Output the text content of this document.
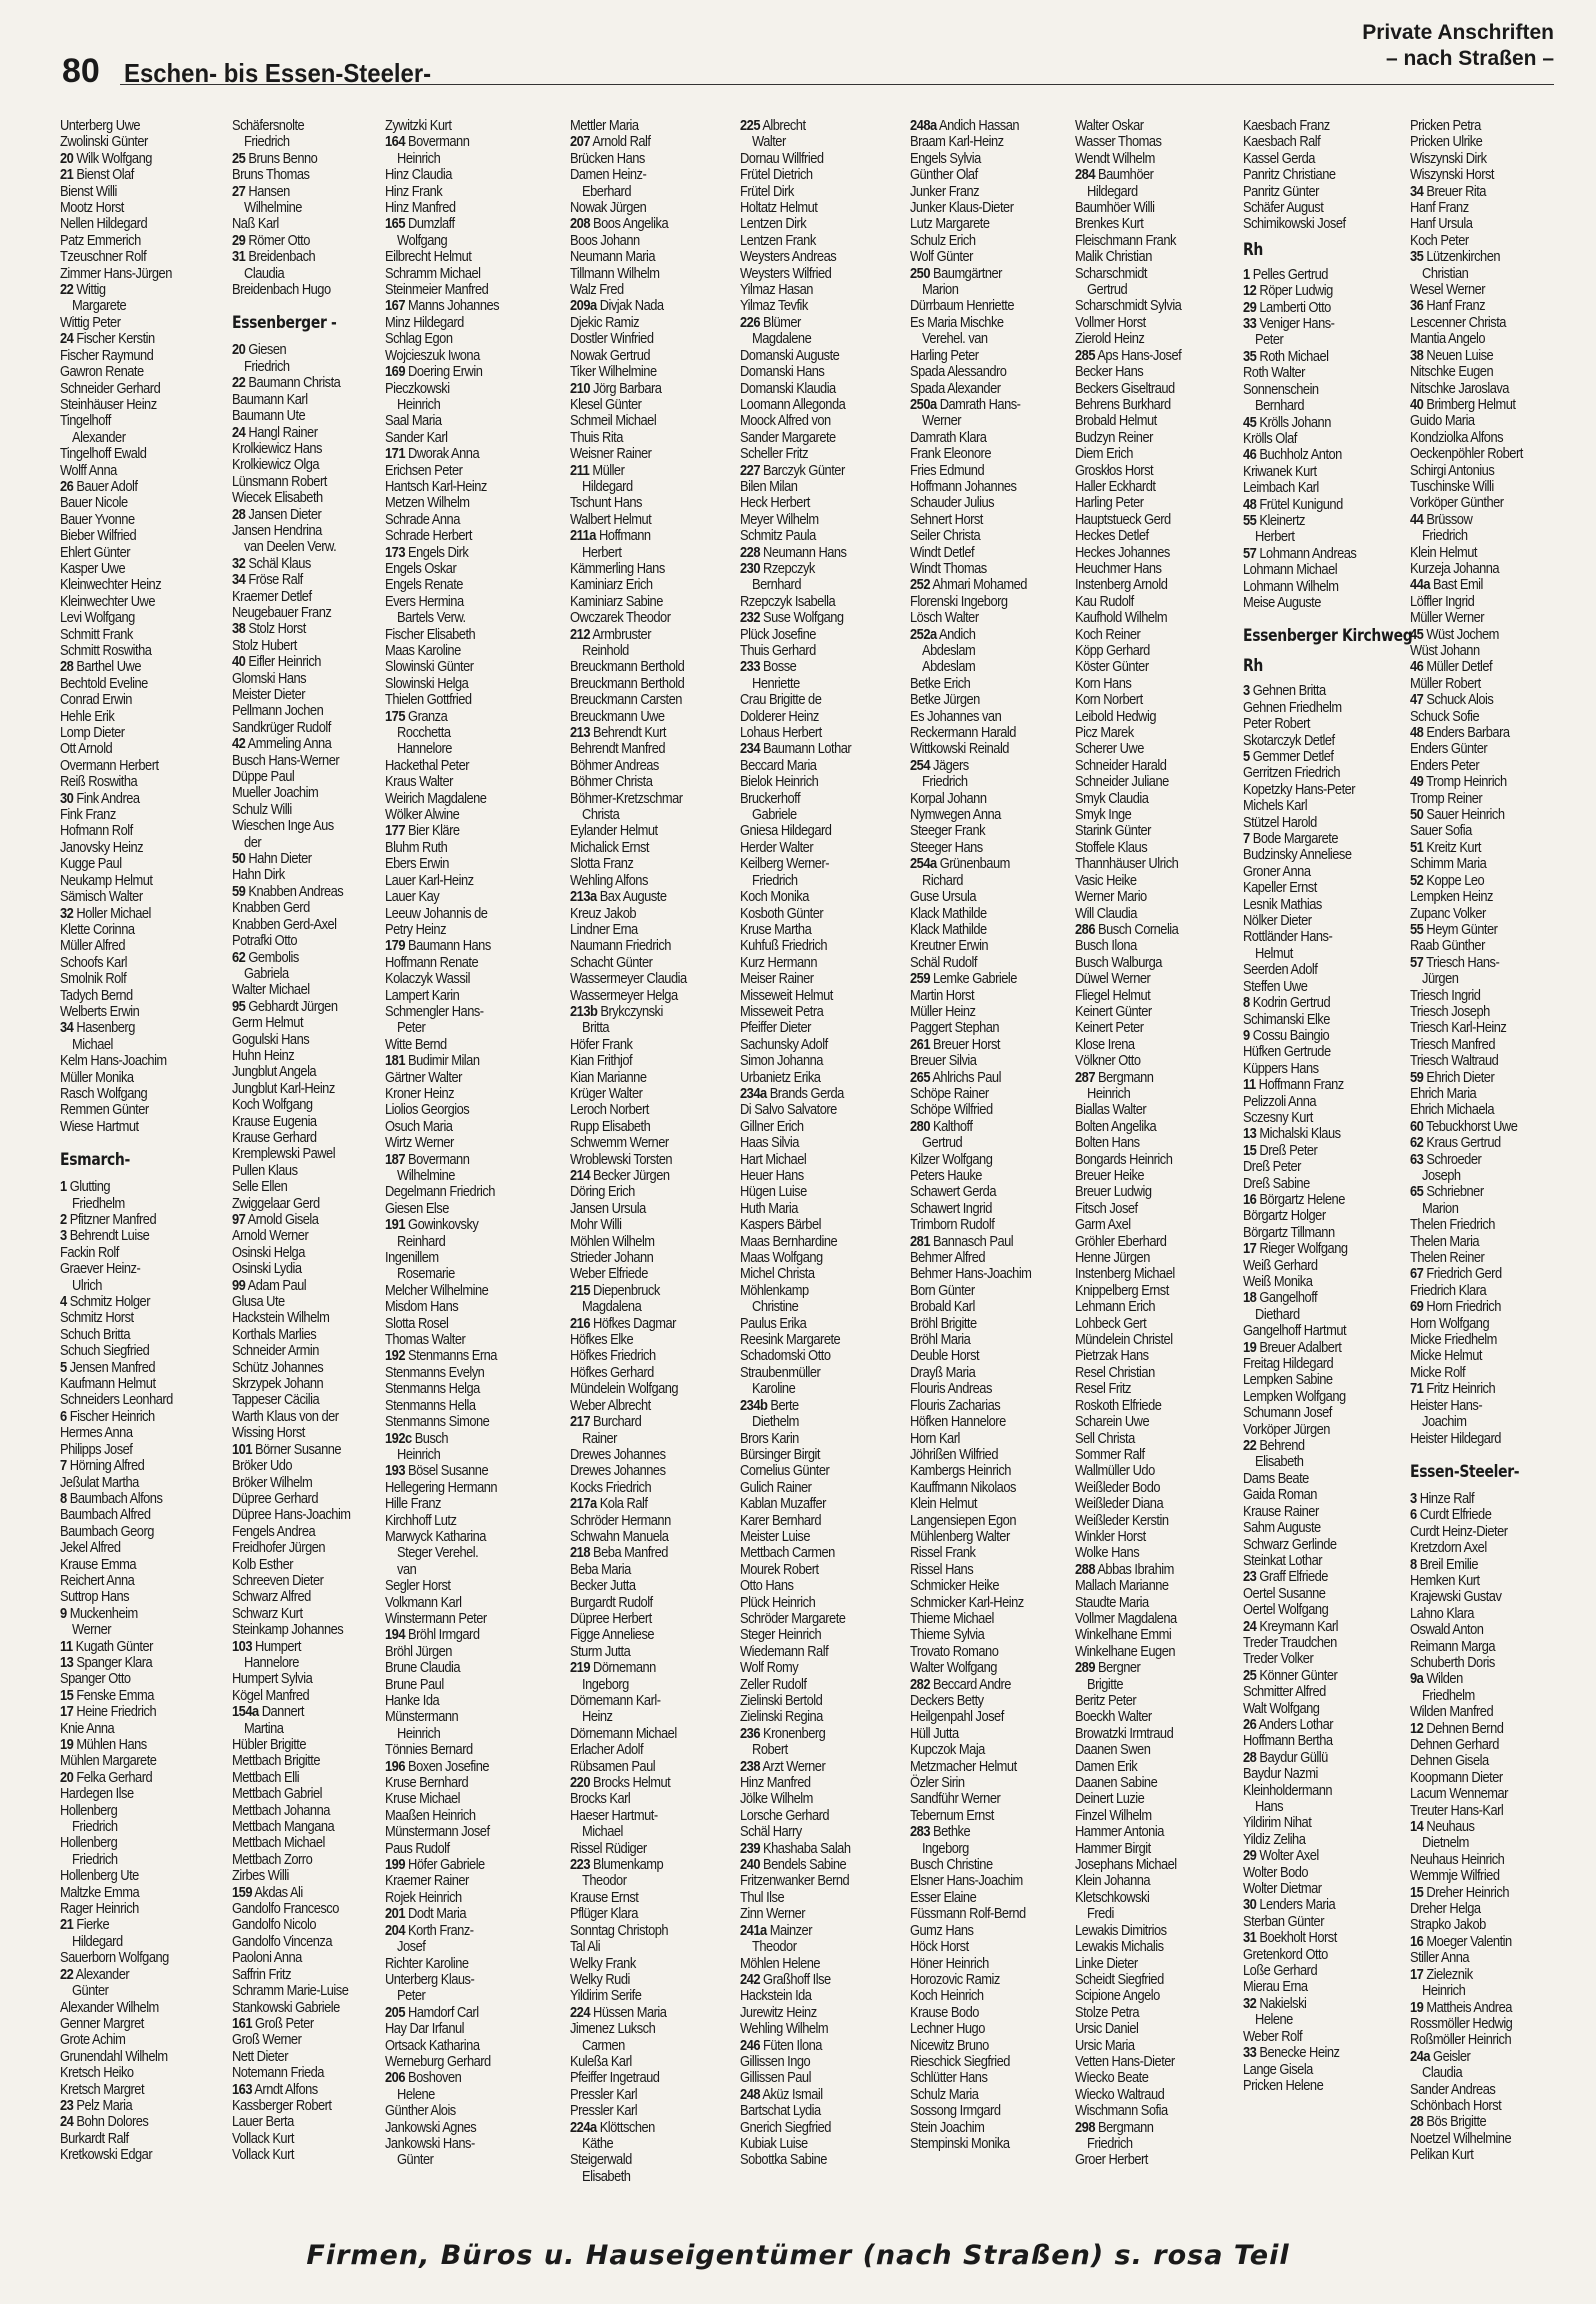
80 Eschen- bis Essen-Steeler-
Private Anschriften
– nach Straßen –
Unterberg Uwe
Zwolinski Günter
20 Wilk Wolfgang
21 Bienst Olaf
Bienst Willi
Mootz Horst
Nellen Hildegard
Patz Emmerich
Tzeuschner Rolf
Zimmer Hans-Jürgen
22 Wittig
Margarete
Wittig Peter
24 Fischer Kerstin
Fischer Raymund
Gawron Renate
Schneider Gerhard
Steinhäuser Heinz
Tingelhoff
Alexander
Tingelhoff Ewald
Wolff Anna
26 Bauer Adolf
Bauer Nicole
Bauer Yvonne
Bieber Wilfried
Ehlert Günter
Kasper Uwe
Kleinwechter Heinz
Kleinwechter Uwe
Levi Wolfgang
Schmitt Frank
Schmitt Roswitha
28 Barthel Uwe
Bechtold Eveline
Conrad Erwin
Hehle Erik
Lomp Dieter
Ott Arnold
Overmann Herbert
Reiß Roswitha
30 Fink Andrea
Fink Franz
Hofmann Rolf
Janovsky Heinz
Kugge Paul
Neukamp Helmut
Sämisch Walter
32 Holler Michael
Klette Corinna
Müller Alfred
Schoofs Karl
Smolnik Rolf
Tadych Bernd
Welberts Erwin
34 Hasenberg
Michael
Kelm Hans-Joachim
Müller Monika
Rasch Wolfgang
Remmen Günter
Wiese Hartmut
Esmarch-
1 Glutting
Friedhelm
2 Pfitzner Manfred
3 Behrendt Luise
Fackin Rolf
Graever Heinz-
Ulrich
4 Schmitz Holger
Schmitz Horst
Schuch Britta
Schuch Siegfried
5 Jensen Manfred
Kaufmann Helmut
Schneiders Leonhard
6 Fischer Heinrich
Hermes Anna
Philipps Josef
7 Hörning Alfred
Jeßulat Martha
8 Baumbach Alfons
Baumbach Alfred
Baumbach Georg
Jekel Alfred
Krause Emma
Reichert Anna
Suttrop Hans
9 Muckenheim
Werner
11 Kugath Günter
13 Spanger Klara
Spanger Otto
15 Fenske Emma
17 Heine Friedrich
Knie Anna
19 Mühlen Hans
Mühlen Margarete
20 Felka Gerhard
Hardegen Ilse
Hollenberg
Friedrich
Hollenberg
Friedrich
Hollenberg Ute
Maltzke Emma
Rager Heinrich
21 Fierke
Hildegard
Sauerborn Wolfgang
22 Alexander
Günter
Alexander Wilhelm
Genner Margret
Grote Achim
Grunendahl Wilhelm
Kretsch Heiko
Kretsch Margret
23 Pelz Maria
24 Bohn Dolores
Burkardt Ralf
Kretkowski Edgar
Schäfersnolte
Friedrich
25 Bruns Benno
Bruns Thomas
27 Hansen
Wilhelmine
Naß Karl
29 Römer Otto
31 Breidenbach
Claudia
Breidenbach Hugo
Essenberger -
20 Giesen
Friedrich
22 Baumann Christa
Baumann Karl
Baumann Ute
24 Hangl Rainer
Krolkiewicz Hans
Krolkiewicz Olga
Lünsmann Robert
Wiecek Elisabeth
28 Jansen Dieter
Jansen Hendrina
van Deelen Verw.
32 Schäl Klaus
34 Fröse Ralf
Kraemer Detlef
Neugebauer Franz
38 Stolz Horst
Stolz Hubert
40 Eifler Heinrich
Glomski Hans
Meister Dieter
Pellmann Jochen
Sandkrüger Rudolf
42 Ammeling Anna
Busch Hans-Werner
Düppe Paul
Mueller Joachim
Schulz Willi
Wieschen Inge Aus
der
50 Hahn Dieter
Hahn Dirk
59 Knabben Andreas
Knabben Gerd
Knabben Gerd-Axel
Potrafki Otto
62 Gembolis
Gabriela
Walter Michael
95 Gebhardt Jürgen
Germ Helmut
Gogulski Hans
Huhn Heinz
Jungblut Angela
Jungblut Karl-Heinz
Koch Wolfgang
Krause Eugenia
Krause Gerhard
Kremplewski Pawel
Pullen Klaus
Selle Ellen
Zwiggelaar Gerd
97 Arnold Gisela
Arnold Werner
Osinski Helga
Osinski Lydia
99 Adam Paul
Glusa Ute
Hackstein Wilhelm
Korthals Marlies
Schneider Armin
Schütz Johannes
Skrzypek Johann
Tappeser Cäcilia
Warth Klaus von der
Wissing Horst
101 Börner Susanne
Bröker Udo
Bröker Wilhelm
Düpree Gerhard
Düpree Hans-Joachim
Fengels Andrea
Freidhofer Jürgen
Kolb Esther
Schreeven Dieter
Schwarz Alfred
Schwarz Kurt
Steinkamp Johannes
103 Humpert
Hannelore
Humpert Sylvia
Kögel Manfred
154a Dannert
Martina
Hübler Brigitte
Mettbach Brigitte
Mettbach Elli
Mettbach Gabriel
Mettbach Johanna
Mettbach Mangana
Mettbach Michael
Mettbach Zorro
Zirbes Willi
159 Akdas Ali
Gandolfo Francesco
Gandolfo Nicolo
Gandolfo Vincenza
Paoloni Anna
Saffrin Fritz
Schramm Marie-Luise
Stankowski Gabriele
161 Groß Peter
Groß Werner
Nett Dieter
Notemann Frieda
163 Arndt Alfons
Kassberger Robert
Lauer Berta
Vollack Kurt
Vollack Kurt
Zywitzki Kurt
164 Bovermann
Heinrich
Hinz Claudia
Hinz Frank
Hinz Manfred
165 Dumzlaff
Wolfgang
Eilbrecht Helmut
Schramm Michael
Steinmeier Manfred
167 Manns Johannes
Minz Hildegard
Schlag Egon
Wojcieszuk Iwona
169 Doering Erwin
Pieczkowski
Heinrich
Saal Maria
Sander Karl
171 Dworak Anna
Erichsen Peter
Hantsch Karl-Heinz
Metzen Wilhelm
Schrade Anna
Schrade Herbert
173 Engels Dirk
Engels Oskar
Engels Renate
Evers Hermina
Bartels Verw.
Fischer Elisabeth
Maas Karoline
Slowinski Günter
Slowinski Helga
Thielen Gottfried
175 Granza
Rocchetta
Hannelore
Hackethal Peter
Kraus Walter
Weirich Magdalene
Wölker Alwine
177 Bier Kläre
Bluhm Ruth
Ebers Erwin
Lauer Karl-Heinz
Lauer Kay
Leeuw Johannis de
Petry Heinz
179 Baumann Hans
Hoffmann Renate
Kolaczyk Wassil
Lampert Karin
Schmengler Hans-
Peter
Witte Bernd
181 Budimir Milan
Gärtner Walter
Kroner Heinz
Liolios Georgios
Osuch Maria
Wirtz Werner
187 Bovermann
Wilhelmine
Degelmann Friedrich
Giesen Else
191 Gowinkovsky
Reinhard
Ingenillem
Rosemarie
Melcher Wilhelmine
Misdom Hans
Slotta Rosel
Thomas Walter
192 Stenmanns Erna
Stenmanns Evelyn
Stenmanns Helga
Stenmanns Hella
Stenmanns Simone
192c Busch
Heinrich
193 Bösel Susanne
Hellegering Hermann
Hille Franz
Kirchhoff Lutz
Marwyck Katharina
Steger Verehel.
van
Segler Horst
Volkmann Karl
Winstermann Peter
194 Bröhl Irmgard
Bröhl Jürgen
Brune Claudia
Brune Paul
Hanke Ida
Münstermann
Heinrich
Tönnies Bernard
196 Boxen Josefine
Kruse Bernhard
Kruse Michael
Maaßen Heinrich
Münstermann Josef
Paus Rudolf
199 Höfer Gabriele
Kraemer Rainer
Rojek Heinrich
201 Dodt Maria
204 Korth Franz-
Josef
Richter Karoline
Unterberg Klaus-
Peter
205 Hamdorf Carl
Hay Dar Irfanul
Ortsack Katharina
Werneburg Gerhard
206 Boshoven
Helene
Günther Alois
Jankowski Agnes
Jankowski Hans-
Günter
Mettler Maria
207 Arnold Ralf
Brücken Hans
Damen Heinz-
Eberhard
Nowak Jürgen
208 Boos Angelika
Boos Johann
Neumann Maria
Tillmann Wilhelm
Walz Fred
209a Divjak Nada
Djekic Ramiz
Dostler Winfried
Nowak Gertrud
Tiker Wilhelmine
210 Jörg Barbara
Klesel Günter
Schmeil Michael
Thuis Rita
Weisner Rainer
211 Müller
Hildegard
Tschunt Hans
Walbert Helmut
211a Hoffmann
Herbert
Kämmerling Hans
Kaminiarz Erich
Kaminiarz Sabine
Owczarek Theodor
212 Armbruster
Reinhold
Breuckmann Berthold
Breuckmann Berthold
Breuckmann Carsten
Breuckmann Uwe
213 Behrendt Kurt
Behrendt Manfred
Böhmer Andreas
Böhmer Christa
Böhmer-Kretzschmar
Christa
Eylander Helmut
Michalick Ernst
Slotta Franz
Wehling Alfons
213a Bax Auguste
Kreuz Jakob
Lindner Erna
Naumann Friedrich
Schacht Günter
Wassermeyer Claudia
Wassermeyer Helga
213b Brykczynski
Britta
Höfer Frank
Kian Frithjof
Kian Marianne
Krüger Walter
Leroch Norbert
Rupp Elisabeth
Schwemm Werner
Wroblewski Torsten
214 Becker Jürgen
Döring Erich
Jansen Ursula
Mohr Willi
Möhlen Wilhelm
Strieder Johann
Weber Elfriede
215 Diepenbruck
Magdalena
216 Höfkes Dagmar
Höfkes Elke
Höfkes Friedrich
Höfkes Gerhard
Mündelein Wolfgang
Weber Albrecht
217 Burchard
Rainer
Drewes Johannes
Drewes Johannes
Kocks Friedrich
217a Kola Ralf
Schröder Hermann
Schwahn Manuela
218 Beba Manfred
Beba Maria
Becker Jutta
Burgardt Rudolf
Düpree Herbert
Figge Anneliese
Sturm Jutta
219 Dörnemann
Ingeborg
Dörnemann Karl-
Heinz
Dörnemann Michael
Erlacher Adolf
Rübsamen Paul
220 Brocks Helmut
Brocks Karl
Haeser Hartmut-
Michael
Rissel Rüdiger
223 Blumenkamp
Theodor
Krause Ernst
Pflüger Klara
Sonntag Christoph
Tal Ali
Welky Frank
Welky Rudi
Yildirim Serife
224 Hüssen Maria
Jimenez Luksch
Carmen
Kuleßa Karl
Pfeiffer Ingetraud
Pressler Karl
Pressler Karl
224a Klöttschen
Käthe
Steigerwald
Elisabeth
225 Albrecht
Walter
Dornau Willfried
Frütel Dietrich
Frütel Dirk
Holtatz Helmut
Lentzen Dirk
Lentzen Frank
Weysters Andreas
Weysters Wilfried
Yilmaz Hasan
Yilmaz Tevfik
226 Blümer
Magdalene
Domanski Auguste
Domanski Hans
Domanski Klaudia
Loomann Allegonda
Moock Alfred von
Sander Margarete
Scheller Fritz
227 Barczyk Günter
Bilen Milan
Heck Herbert
Meyer Wilhelm
Schmitz Paula
228 Neumann Hans
230 Rzepczyk
Bernhard
Rzepczyk Isabella
232 Suse Wolfgang
Plück Josefine
Thuis Gerhard
233 Bosse
Henriette
Crau Brigitte de
Dolderer Heinz
Lohaus Herbert
234 Baumann Lothar
Beccard Maria
Bielok Heinrich
Bruckerhoff
Gabriele
Gniesa Hildegard
Herder Walter
Keilberg Werner-
Friedrich
Koch Monika
Kosboth Günter
Kruse Martha
Kuhfuß Friedrich
Kurz Hermann
Meiser Rainer
Misseweit Helmut
Misseweit Petra
Pfeiffer Dieter
Sachunsky Adolf
Simon Johanna
Urbanietz Erika
234a Brands Gerda
Di Salvo Salvatore
Gillner Erich
Haas Silvia
Hart Michael
Heuer Hans
Hügen Luise
Huth Maria
Kaspers Bärbel
Maas Bernhardine
Maas Wolfgang
Michel Christa
Möhlenkamp
Christine
Paulus Erika
Reesink Margarete
Schadomski Otto
Straubenmüller
Karoline
234b Berte
Diethelm
Brors Karin
Bürsinger Birgit
Cornelius Günter
Gulich Rainer
Kablan Muzaffer
Karer Bernhard
Meister Luise
Mettbach Carmen
Mourek Robert
Otto Hans
Plück Heinrich
Schröder Margarete
Steger Heinrich
Wiedemann Ralf
Wolf Romy
Zeller Rudolf
Zielinski Bertold
Zielinski Regina
236 Kronenberg
Robert
238 Arzt Werner
Hinz Manfred
Jölke Wilhelm
Lorsche Gerhard
Schäl Harry
239 Khashaba Salah
240 Bendels Sabine
Fritzenwanker Bernd
Thul Ilse
Zinn Werner
241a Mainzer
Theodor
Möhlen Helene
242 Graßhoff Ilse
Hackstein Ida
Jurewitz Heinz
Wehling Wilhelm
246 Füten Ilona
Gillissen Ingo
Gillissen Paul
248 Aküz Ismail
Bartschat Lydia
Gnerich Siegfried
Kubiak Luise
Sobottka Sabine
248a Andich Hassan
Braam Karl-Heinz
Engels Sylvia
Günther Olaf
Junker Franz
Junker Klaus-Dieter
Lutz Margarete
Schulz Erich
Wolf Günter
250 Baumgärtner
Marion
Dürrbaum Henriette
Es Maria Mischke
Verehel. van
Harling Peter
Spada Alessandro
Spada Alexander
250a Damrath Hans-
Werner
Damrath Klara
Frank Eleonore
Fries Edmund
Hoffmann Johannes
Schauder Julius
Sehnert Horst
Seiler Christa
Windt Detlef
Windt Thomas
252 Ahmari Mohamed
Florenski Ingeborg
Lösch Walter
252a Andich
Abdeslam
Abdeslam
Betke Erich
Betke Jürgen
Es Johannes van
Reckermann Harald
Wittkowski Reinald
254 Jägers
Friedrich
Korpal Johann
Nymwegen Anna
Steeger Frank
Steeger Hans
254a Grünenbaum
Richard
Guse Ursula
Klack Mathilde
Klack Mathilde
Kreutner Erwin
Schäl Rudolf
259 Lemke Gabriele
Martin Horst
Müller Heinz
Paggert Stephan
261 Breuer Horst
Breuer Silvia
265 Ahlrichs Paul
Schöpe Rainer
Schöpe Wilfried
280 Kalthoff
Gertrud
Kilzer Wolfgang
Peters Hauke
Schawert Gerda
Schawert Ingrid
Trimborn Rudolf
281 Bannasch Paul
Behmer Alfred
Behmer Hans-Joachim
Born Günter
Brobald Karl
Bröhl Brigitte
Bröhl Maria
Deuble Horst
Drayß Maria
Flouris Andreas
Flouris Zacharias
Höfken Hannelore
Horn Karl
Jöhrißen Wilfried
Kambergs Heinrich
Kauffmann Nikolaos
Klein Helmut
Langensiepen Egon
Mühlenberg Walter
Rissel Frank
Rissel Hans
Schmicker Heike
Schmicker Karl-Heinz
Thieme Michael
Thieme Sylvia
Trovato Romano
Walter Wolfgang
282 Beccard Andre
Deckers Betty
Heilgenpahl Josef
Hüll Jutta
Kupczok Maja
Metzmacher Helmut
Özler Sirin
Sandführ Werner
Tebernum Ernst
283 Bethke
Ingeborg
Busch Christine
Elsner Hans-Joachim
Esser Elaine
Füssmann Rolf-Bernd
Gumz Hans
Höck Horst
Höner Heinrich
Horozovic Ramiz
Koch Heinrich
Krause Bodo
Lechner Hugo
Nicewitz Bruno
Rieschick Siegfried
Schlütter Hans
Schulz Maria
Sossong Irmgard
Stein Joachim
Stempinski Monika
Walter Oskar
Wasser Thomas
Wendt Wilhelm
284 Baumhöer
Hildegard
Baumhöer Willi
Brenkes Kurt
Fleischmann Frank
Malik Christian
Scharschmidt
Gertrud
Scharschmidt Sylvia
Vollmer Horst
Zierold Heinz
285 Aps Hans-Josef
Becker Hans
Beckers Giseltraud
Behrens Burkhard
Brobald Helmut
Budzyn Reiner
Diem Erich
Groskłos Horst
Haller Eckhardt
Harling Peter
Hauptstueck Gerd
Heckes Detlef
Heckes Johannes
Heuchmer Hans
Instenberg Arnold
Kau Rudolf
Kaufhold Wilhelm
Koch Reiner
Köpp Gerhard
Köster Günter
Korn Hans
Korn Norbert
Leibold Hedwig
Picz Marek
Scherer Uwe
Schneider Harald
Schneider Juliane
Smyk Claudia
Smyk Inge
Starink Günter
Stoffele Klaus
Thannhäuser Ulrich
Vasic Heike
Werner Mario
Will Claudia
286 Busch Cornelia
Busch Ilona
Busch Walburga
Düwel Werner
Fliegel Helmut
Keinert Günter
Keinert Peter
Klose Irena
Völkner Otto
287 Bergmann
Heinrich
Biallas Walter
Bolten Angelika
Bolten Hans
Bongards Heinrich
Breuer Heike
Breuer Ludwig
Fitsch Josef
Garm Axel
Gröhler Eberhard
Henne Jürgen
Instenberg Michael
Knippelberg Ernst
Lehmann Erich
Lohbeck Gert
Mündelein Christel
Pietrzak Hans
Resel Christian
Resel Fritz
Roskoth Elfriede
Scharein Uwe
Sell Christa
Sommer Ralf
Wallmüller Udo
Weißleder Bodo
Weißleder Diana
Weißleder Kerstin
Winkler Horst
Wolke Hans
288 Abbas Ibrahim
Mallach Marianne
Staudte Maria
Vollmer Magdalena
Winkelhane Emmi
Winkelhane Eugen
289 Bergner
Brigitte
Beritz Peter
Boeckh Walter
Browatzki Irmtraud
Daanen Swen
Damen Erik
Daanen Sabine
Deinert Luzie
Finzel Wilhelm
Hammer Antonia
Hammer Birgit
Josephans Michael
Klein Johanna
Kletschkowski
Fredi
Lewakis Dimitrios
Lewakis Michalis
Linke Dieter
Scheidt Siegfried
Scipione Angelo
Stolze Petra
Ursic Daniel
Ursic Maria
Vetten Hans-Dieter
Wiecko Beate
Wiecko Waltraud
Wischmann Sofia
298 Bergmann
Friedrich
Groer Herbert
Kaesbach Franz
Kaesbach Ralf
Kassel Gerda
Panritz Christiane
Panritz Günter
Schäfer August
Schimikowski Josef
Rh
1 Pelles Gertrud
12 Röper Ludwig
29 Lamberti Otto
33 Veniger Hans-
Peter
35 Roth Michael
Roth Walter
Sonnenschein
Bernhard
45 Krölls Johann
Krölls Olaf
46 Buchholz Anton
Kriwanek Kurt
Leimbach Karl
48 Frütel Kunigund
55 Kleinertz
Herbert
57 Lohmann Andreas
Lohmann Michael
Lohmann Wilhelm
Meise Auguste
Essenberger Kirchweg
Rh
3 Gehnen Britta
Gehnen Friedhelm
Peter Robert
Skotarczyk Detlef
5 Gemmer Detlef
Gerritzen Friedrich
Kopetzky Hans-Peter
Michels Karl
Stützel Harold
7 Bode Margarete
Budzinsky Anneliese
Groner Anna
Kapeller Ernst
Lesnik Mathias
Nölker Dieter
Rottländer Hans-
Helmut
Seerden Adolf
Steffen Uwe
8 Kodrin Gertrud
Schimanski Elke
9 Cossu Baingio
Hüfken Gertrude
Küppers Hans
11 Hoffmann Franz
Pelizzoli Anna
Sczesny Kurt
13 Michalski Klaus
15 Dreß Peter
Dreß Peter
Dreß Sabine
16 Börgartz Helene
Börgartz Holger
Börgartz Tillmann
17 Rieger Wolfgang
Weiß Gerhard
Weiß Monika
18 Gangelhoff
Diethard
Gangelhoff Hartmut
19 Breuer Adalbert
Freitag Hildegard
Lempken Sabine
Lempken Wolfgang
Schumann Josef
Vorköper Jürgen
22 Behrend
Elisabeth
Dams Beate
Gaida Roman
Krause Rainer
Sahm Auguste
Schwarz Gerlinde
Steinkat Lothar
23 Graff Elfriede
Oertel Susanne
Oertel Wolfgang
24 Kreymann Karl
Treder Traudchen
Treder Volker
25 Könner Günter
Schmitter Alfred
Walt Wolfgang
26 Anders Lothar
Hoffmann Bertha
28 Baydur Güllü
Baydur Nazmi
Kleinholdermann
Hans
Yildirim Nihat
Yildiz Zeliha
29 Wolter Axel
Wolter Bodo
Wolter Dietmar
30 Lenders Maria
Sterban Günter
31 Boekholt Horst
Gretenkord Otto
Loße Gerhard
Mierau Erna
32 Nakielski
Helene
Weber Rolf
33 Benecke Heinz
Lange Gisela
Pricken Helene
Pricken Petra
Pricken Ulrike
Wiszynski Dirk
Wiszynski Horst
34 Breuer Rita
Hanf Franz
Hanf Ursula
Koch Peter
35 Lützenkirchen
Christian
Wesel Werner
36 Hanf Franz
Lescenner Christa
Mantia Angelo
38 Neuen Luise
Nitschke Eugen
Nitschke Jaroslava
40 Brimberg Helmut
Guido Maria
Kondziolka Alfons
Oeckenpöhler Robert
Schirgi Antonius
Tuschinske Willi
Vorköper Günther
44 Brüssow
Friedrich
Klein Helmut
Kurzeja Johanna
44a Bast Emil
Löffler Ingrid
Müller Werner
45 Wüst Jochem
Wüst Johann
46 Müller Detlef
Müller Robert
47 Schuck Alois
Schuck Sofie
48 Enders Barbara
Enders Günter
Enders Peter
49 Tromp Heinrich
Tromp Reiner
50 Sauer Heinrich
Sauer Sofia
51 Kreitz Kurt
Schimm Maria
52 Koppe Leo
Lempken Heinz
Zupanc Volker
55 Heym Günter
Raab Günther
57 Triesch Hans-
Jürgen
Triesch Ingrid
Triesch Joseph
Triesch Karl-Heinz
Triesch Manfred
Triesch Waltraud
59 Ehrich Dieter
Ehrich Maria
Ehrich Michaela
60 Tebuckhorst Uwe
62 Kraus Gertrud
63 Schroeder
Joseph
65 Schriebner
Marion
Thelen Friedrich
Thelen Maria
Thelen Reiner
67 Friedrich Gerd
Friedrich Klara
69 Horn Friedrich
Horn Wolfgang
Micke Friedhelm
Micke Helmut
Micke Rolf
71 Fritz Heinrich
Heister Hans-
Joachim
Heister Hildegard
Essen-Steeler-
3 Hinze Ralf
6 Curdt Elfriede
Curdt Heinz-Dieter
Kretzdorn Axel
8 Breil Emilie
Hemken Kurt
Krajewski Gustav
Lahno Klara
Oswald Anton
Reimann Marga
Schuberth Doris
9a Wilden
Friedhelm
Wilden Manfred
12 Dehnen Bernd
Dehnen Gerhard
Dehnen Gisela
Koopmann Dieter
Lacum Wennemar
Treuter Hans-Karl
14 Neuhaus
Dietnelm
Neuhaus Heinrich
Wemmje Wilfried
15 Dreher Heinrich
Dreher Helga
Strapko Jakob
16 Moeger Valentin
Stiller Anna
17 Zieleznik
Heinrich
19 Mattheis Andrea
Rossmöller Hedwig
Roßmöller Heinrich
24a Geisler
Claudia
Sander Andreas
Schönbach Horst
28 Bös Brigitte
Noetzel Wilhelmine
Pelikan Kurt
Firmen, Büros u. Hauseigentümer (nach Straßen) s. rosa Teil
